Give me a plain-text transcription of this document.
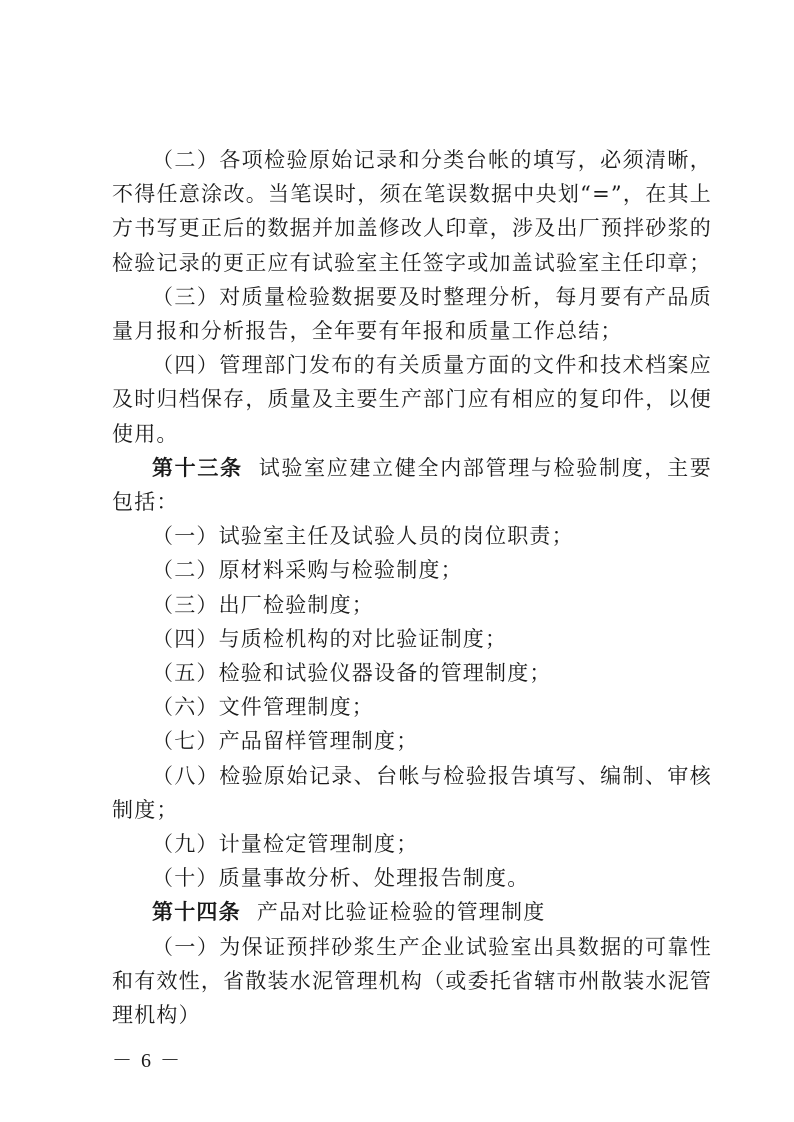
（二）各项检验原始记录和分类台帐的填写，必须清晰，不得任意涂改。当笔误时，须在笔误数据中央划“=”，在其上方书写更正后的数据并加盖修改人印章，涉及出厂预拌砂浆的检验记录的更正应有试验室主任签字或加盖试验室主任印章；

（三）对质量检验数据要及时整理分析，每月要有产品质量月报和分析报告，全年要有年报和质量工作总结；

（四）管理部门发布的有关质量方面的文件和技术档案应及时归档保存，质量及主要生产部门应有相应的复印件，以便使用。

第十三条 试验室应建立健全内部管理与检验制度，主要包括：

（一）试验室主任及试验人员的岗位职责；

（二）原材料采购与检验制度；

（三）出厂检验制度；

（四）与质检机构的对比验证制度；

（五）检验和试验仪器设备的管理制度；

（六）文件管理制度；

（七）产品留样管理制度；

（八）检验原始记录、台帐与检验报告填写、编制、审核制度；

（九）计量检定管理制度；

（十）质量事故分析、处理报告制度。

第十四条 产品对比验证检验的管理制度

（一）为保证预拌砂浆生产企业试验室出具数据的可靠性和有效性，省散装水泥管理机构（或委托省辖市州散装水泥管理机构）

－ 6 －
